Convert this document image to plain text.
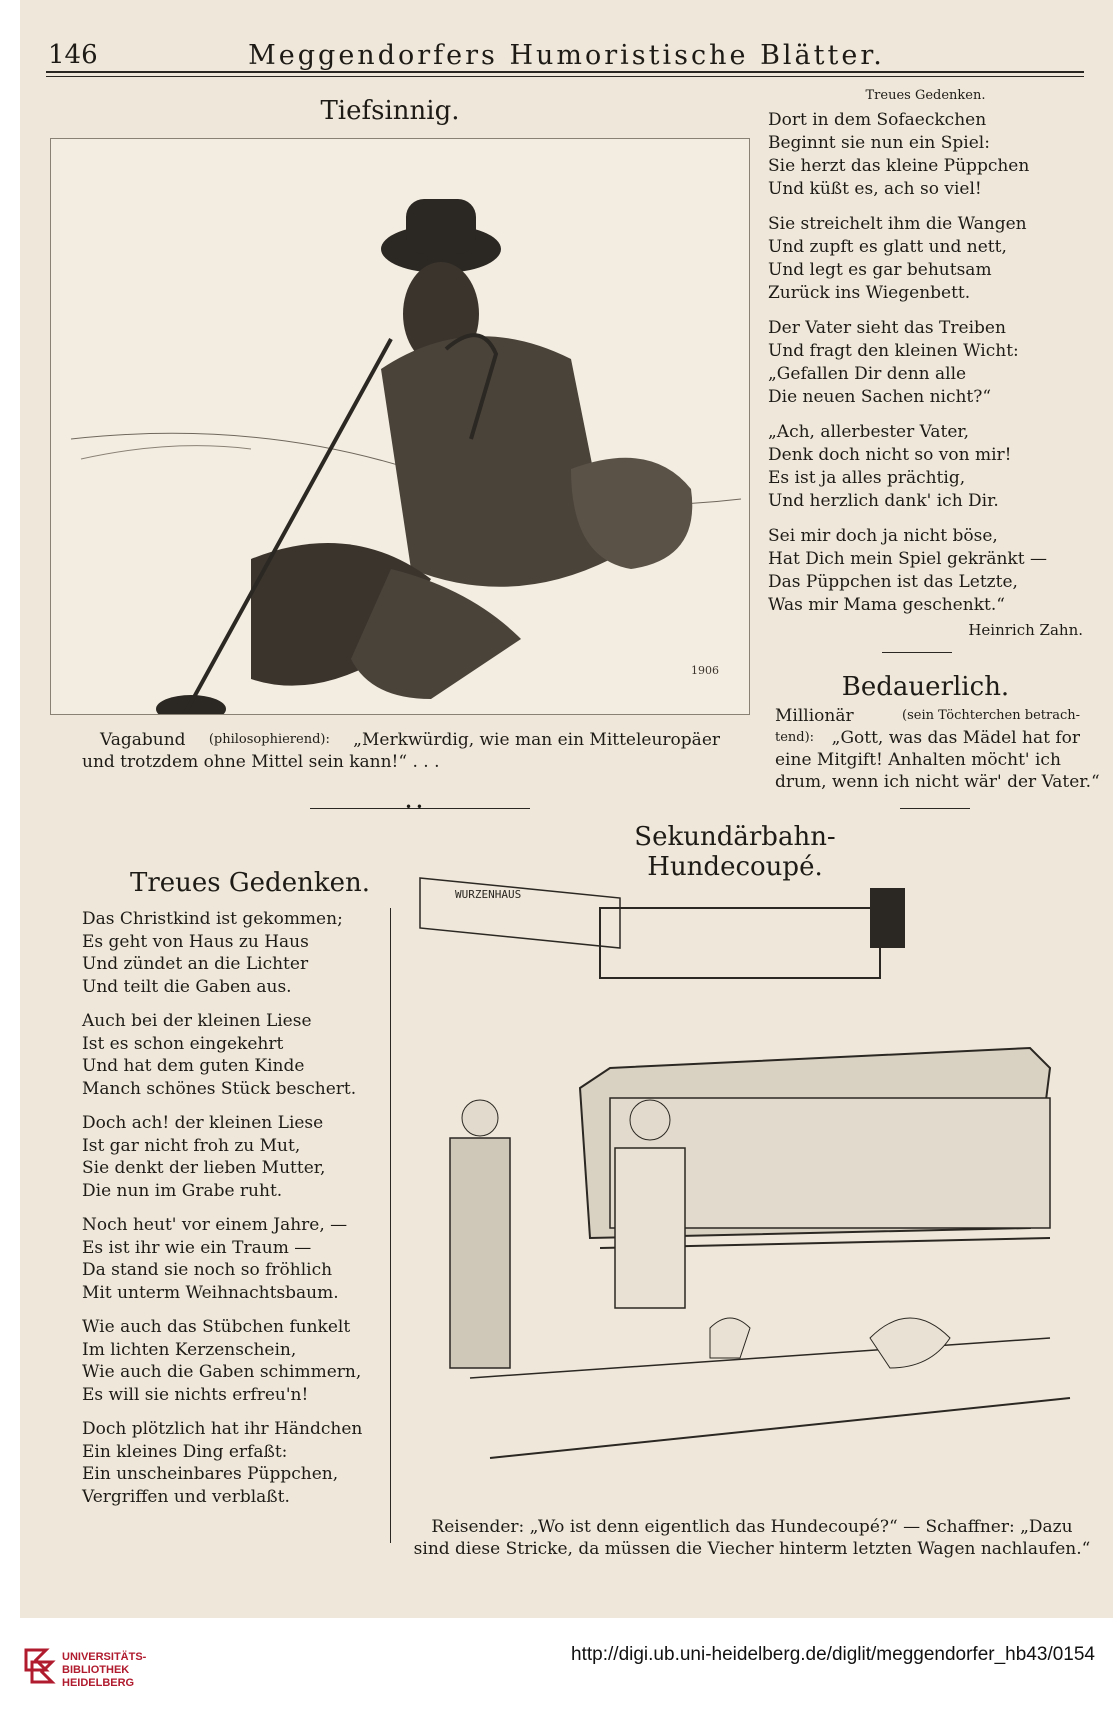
146	Meggendorfers Humoristische Blätter.
Tiefsinnig.
1906
Vagabund (philosophierend): „Merkwürdig, wie man ein Mitteleuropäer
und trotzdem ohne Mittel sein kann!“ . . .
Treues Gedenken.
Dort in dem Sofaeckchen
Beginnt sie nun ein Spiel:
Sie herzt das kleine Püppchen
Und küßt es, ach so viel!
Sie streichelt ihm die Wangen
Und zupft es glatt und nett,
Und legt es gar behutsam
Zurück ins Wiegenbett.
Der Vater sieht das Treiben
Und fragt den kleinen Wicht:
„Gefallen Dir denn alle
Die neuen Sachen nicht?“
„Ach, allerbester Vater,
Denk doch nicht so von mir!
Es ist ja alles prächtig,
Und herzlich dank' ich Dir.
Sei mir doch ja nicht böse,
Hat Dich mein Spiel gekränkt —
Das Püppchen ist das Letzte,
Was mir Mama geschenkt.“
Heinrich Zahn.
Bedauerlich.
Millionär	(sein Töchterchen betrach-
tend): „Gott, was das Mädel hat for
eine Mitgift! Anhalten möcht' ich
drum, wenn ich nicht wär' der Vater.“
• •
Sekundärbahn-Hundecoupé.
Treues Gedenken.
Das Christkind ist gekommen;
Es geht von Haus zu Haus
Und zündet an die Lichter
Und teilt die Gaben aus.
Auch bei der kleinen Liese
Ist es schon eingekehrt
Und hat dem guten Kinde
Manch schönes Stück beschert.
Doch ach! der kleinen Liese
Ist gar nicht froh zu Mut,
Sie denkt der lieben Mutter,
Die nun im Grabe ruht.
Noch heut' vor einem Jahre, —
Es ist ihr wie ein Traum —
Da stand sie noch so fröhlich
Mit unterm Weihnachtsbaum.
Wie auch das Stübchen funkelt
Im lichten Kerzenschein,
Wie auch die Gaben schimmern,
Es will sie nichts erfreu'n!
Doch plötzlich hat ihr Händchen
Ein kleines Ding erfaßt:
Ein unscheinbares Püppchen,
Vergriffen und verblaßt.
WURZENHAUS
Reisender: „Wo ist denn eigentlich das Hundecoupé?“ — Schaffner: „Dazu
sind diese Stricke, da müssen die Viecher hinterm letzten Wagen nachlaufen.“
UNIVERSITÄTS-
BIBLIOTHEK
HEIDELBERG
http://digi.ub.uni-heidelberg.de/diglit/meggendorfer_hb43/0154
